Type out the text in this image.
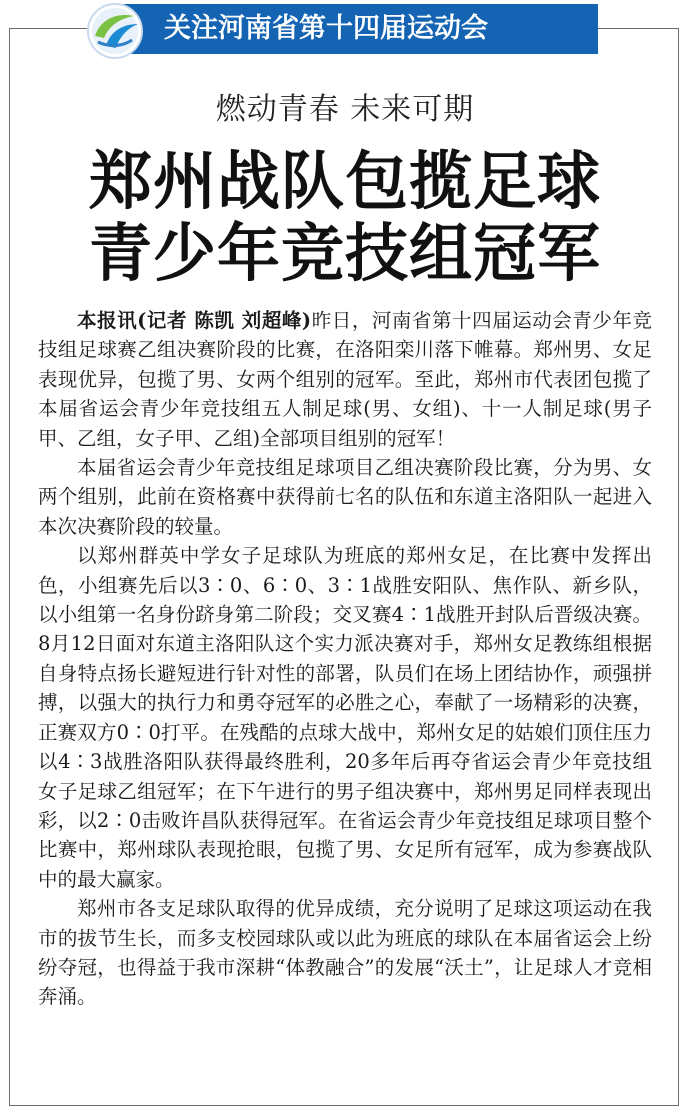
关注河南省第十四届运动会
燃动青春 未来可期
郑州战队包揽足球
青少年竞技组冠军

本报讯(记者 陈凯 刘超峰)昨日，河南省第十四届运动会青少年竞技组足球赛乙组决赛阶段的比赛，在洛阳栾川落下帷幕。郑州男、女足表现优异，包揽了男、女两个组别的冠军。至此，郑州市代表团包揽了本届省运会青少年竞技组五人制足球(男、女组)、十一人制足球(男子甲、乙组，女子甲、乙组)全部项目组别的冠军！

本届省运会青少年竞技组足球项目乙组决赛阶段比赛，分为男、女两个组别，此前在资格赛中获得前七名的队伍和东道主洛阳队一起进入本次决赛阶段的较量。

以郑州群英中学女子足球队为班底的郑州女足，在比赛中发挥出色，小组赛先后以3∶0、6∶0、3∶1战胜安阳队、焦作队、新乡队，以小组第一名身份跻身第二阶段；交叉赛4∶1战胜开封队后晋级决赛。8月12日面对东道主洛阳队这个实力派决赛对手，郑州女足教练组根据自身特点扬长避短进行针对性的部署，队员们在场上团结协作，顽强拼搏，以强大的执行力和勇夺冠军的必胜之心，奉献了一场精彩的决赛，正赛双方0∶0打平。在残酷的点球大战中，郑州女足的姑娘们顶住压力以4∶3战胜洛阳队获得最终胜利，20多年后再夺省运会青少年竞技组女子足球乙组冠军；在下午进行的男子组决赛中，郑州男足同样表现出彩，以2∶0击败许昌队获得冠军。在省运会青少年竞技组足球项目整个比赛中，郑州球队表现抢眼，包揽了男、女足所有冠军，成为参赛战队中的最大赢家。

郑州市各支足球队取得的优异成绩，充分说明了足球这项运动在我市的拔节生长，而多支校园球队或以此为班底的球队在本届省运会上纷纷夺冠，也得益于我市深耕“体教融合”的发展“沃土”，让足球人才竞相奔涌。
